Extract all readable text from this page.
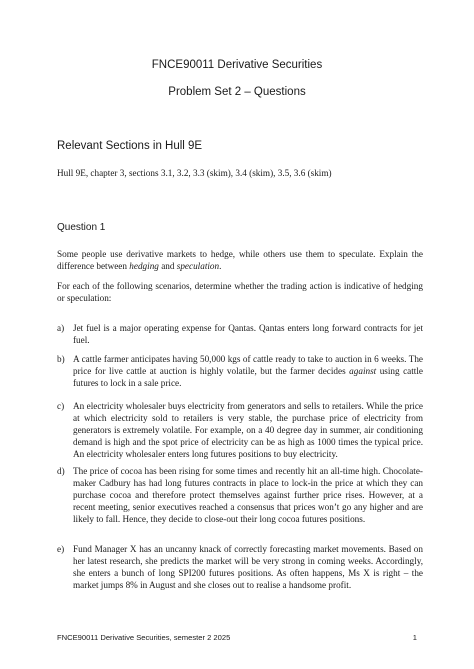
FNCE90011 Derivative Securities
Problem Set 2 – Questions
Relevant Sections in Hull 9E
Hull 9E, chapter 3, sections 3.1, 3.2, 3.3 (skim), 3.4 (skim), 3.5, 3.6 (skim)
Question 1

Some people use derivative markets to hedge, while others use them to speculate. Explain the difference between hedging and speculation.

For each of the following scenarios, determine whether the trading action is indicative of hedging or speculation:

a) Jet fuel is a major operating expense for Qantas. Qantas enters long forward contracts for jet fuel.
b) A cattle farmer anticipates having 50,000 kgs of cattle ready to take to auction in 6 weeks. The price for live cattle at auction is highly volatile, but the farmer decides against using cattle futures to lock in a sale price.
c) An electricity wholesaler buys electricity from generators and sells to retailers. While the price at which electricity sold to retailers is very stable, the purchase price of electricity from generators is extremely volatile. For example, on a 40 degree day in summer, air conditioning demand is high and the spot price of electricity can be as high as 1000 times the typical price. An electricity wholesaler enters long futures positions to buy electricity.
d) The price of cocoa has been rising for some times and recently hit an all-time high. Chocolate-maker Cadbury has had long futures contracts in place to lock-in the price at which they can purchase cocoa and therefore protect themselves against further price rises. However, at a recent meeting, senior executives reached a consensus that prices won’t go any higher and are likely to fall. Hence, they decide to close-out their long cocoa futures positions.
e) Fund Manager X has an uncanny knack of correctly forecasting market movements. Based on her latest research, she predicts the market will be very strong in coming weeks. Accordingly, she enters a bunch of long SPI200 futures positions. As often happens, Ms X is right – the market jumps 8% in August and she closes out to realise a handsome profit.
FNCE90011 Derivative Securities, semester 2 2025	1
